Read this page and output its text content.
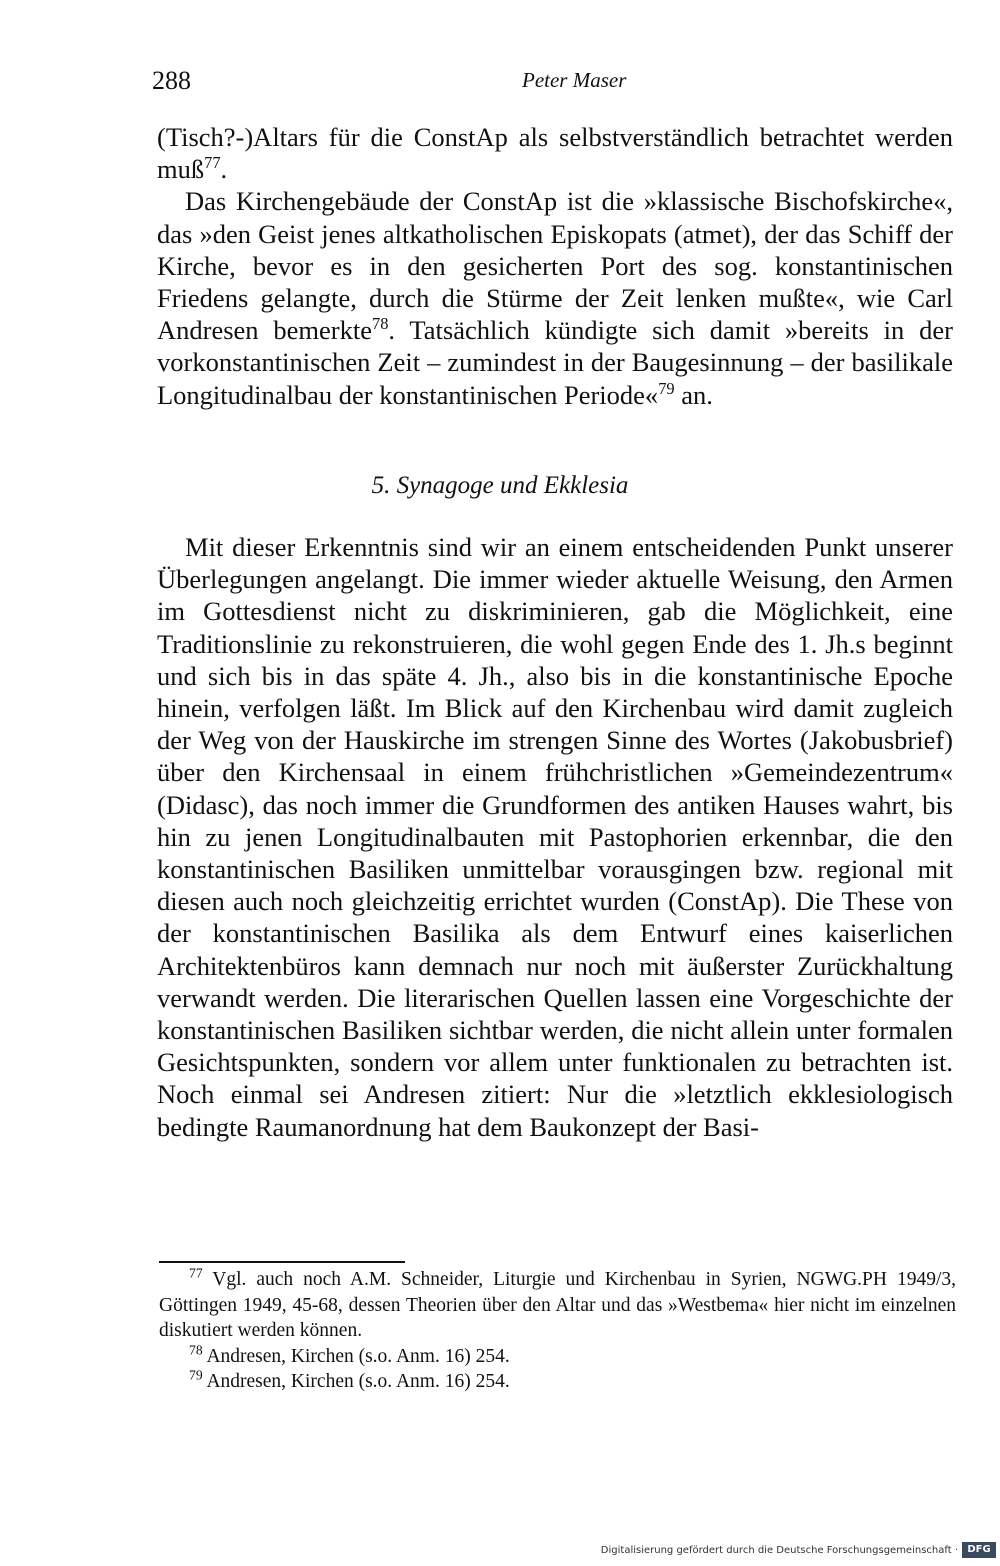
288	Peter Maser

(Tisch?-)Altars für die ConstAp als selbstverständlich betrachtet werden muß$^{77}$.

Das Kirchengebäude der ConstAp ist die »klassische Bischofskirche«, das »den Geist jenes altkatholischen Episkopats (atmet), der das Schiff der Kirche, bevor es in den gesicherten Port des sog. konstantinischen Friedens gelangte, durch die Stürme der Zeit lenken mußte«, wie Carl Andresen bemerkte$^{78}$. Tatsächlich kündigte sich damit »bereits in der vorkonstantinischen Zeit – zumindest in der Baugesinnung – der basilikale Longitudinalbau der konstantinischen Periode«$^{79}$ an.

5. Synagoge und Ekklesia

Mit dieser Erkenntnis sind wir an einem entscheidenden Punkt unserer Überlegungen angelangt. Die immer wieder aktuelle Weisung, den Armen im Gottesdienst nicht zu diskriminieren, gab die Möglichkeit, eine Traditionslinie zu rekonstruieren, die wohl gegen Ende des 1. Jh.s beginnt und sich bis in das späte 4. Jh., also bis in die konstantinische Epoche hinein, verfolgen läßt. Im Blick auf den Kirchenbau wird damit zugleich der Weg von der Hauskirche im strengen Sinne des Wortes (Jakobusbrief) über den Kirchensaal in einem frühchristlichen »Gemeindezentrum« (Didasc), das noch immer die Grundformen des antiken Hauses wahrt, bis hin zu jenen Longitudinalbauten mit Pastophorien erkennbar, die den konstantinischen Basiliken unmittelbar vorausgingen bzw. regional mit diesen auch noch gleichzeitig errichtet wurden (ConstAp). Die These von der konstantinischen Basilika als dem Entwurf eines kaiserlichen Architektenbüros kann demnach nur noch mit äußerster Zurückhaltung verwandt werden. Die literarischen Quellen lassen eine Vorgeschichte der konstantinischen Basiliken sichtbar werden, die nicht allein unter formalen Gesichtspunkten, sondern vor allem unter funktionalen zu betrachten ist. Noch einmal sei Andresen zitiert: Nur die »letztlich ekklesiologisch bedingte Raumanordnung hat dem Baukonzept der Basi-

$^{77}$ Vgl. auch noch A.M. Schneider, Liturgie und Kirchenbau in Syrien, NGWG.PH 1949/3, Göttingen 1949, 45-68, dessen Theorien über den Altar und das »Westbema« hier nicht im einzelnen diskutiert werden können.

$^{78}$ Andresen, Kirchen (s.o. Anm. 16) 254.

$^{79}$ Andresen, Kirchen (s.o. Anm. 16) 254.

Digitalisierung gefördert durch die Deutsche Forschungsgemeinschaft · DFG
